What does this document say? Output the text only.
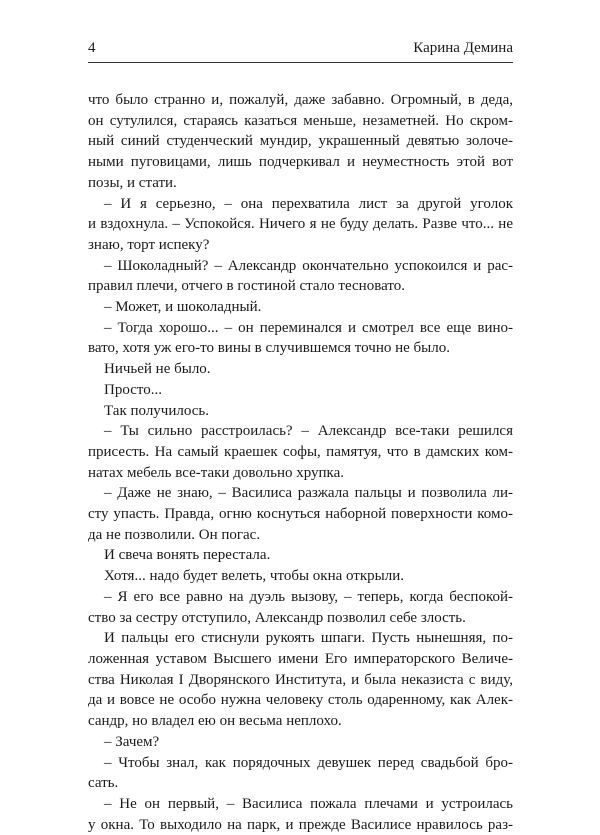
4	Карина Демина
что было странно и, пожалуй, даже забавно. Огромный, в деда,
он сутулился, стараясь казаться меньше, незаметней. Но скром-
ный синий студенческий мундир, украшенный девятью золоче-
ными пуговицами, лишь подчеркивал и неуместность этой вот
позы, и стати.
– И я серьезно, – она перехватила лист за другой уголок
и вздохнула. – Успокойся. Ничего я не буду делать. Разве что... не
знаю, торт испеку?
– Шоколадный? – Александр окончательно успокоился и рас-
правил плечи, отчего в гостиной стало тесновато.
– Может, и шоколадный.
– Тогда хорошо... – он переминался и смотрел все еще вино-
вато, хотя уж его-то вины в случившемся точно не было.
Ничьей не было.
Просто...
Так получилось.
– Ты сильно расстроилась? – Александр все-таки решился
присесть. На самый краешек софы, памятуя, что в дамских ком-
натах мебель все-таки довольно хрупка.
– Даже не знаю, – Василиса разжала пальцы и позволила ли-
сту упасть. Правда, огню коснуться наборной поверхности комо-
да не позволили. Он погас.
И свеча вонять перестала.
Хотя... надо будет велеть, чтобы окна открыли.
– Я его все равно на дуэль вызову, – теперь, когда беспокой-
ство за сестру отступило, Александр позволил себе злость.
И пальцы его стиснули рукоять шпаги. Пусть нынешняя, по-
ложенная уставом Высшего имени Его императорского Величе-
ства Николая I Дворянского Института, и была неказиста с виду,
да и вовсе не особо нужна человеку столь одаренному, как Алек-
сандр, но владел ею он весьма неплохо.
– Зачем?
– Чтобы знал, как порядочных девушек перед свадьбой бро-
сать.
– Не он первый, – Василиса пожала плечами и устроилась
у окна. То выходило на парк, и прежде Василисе нравилось раз-
